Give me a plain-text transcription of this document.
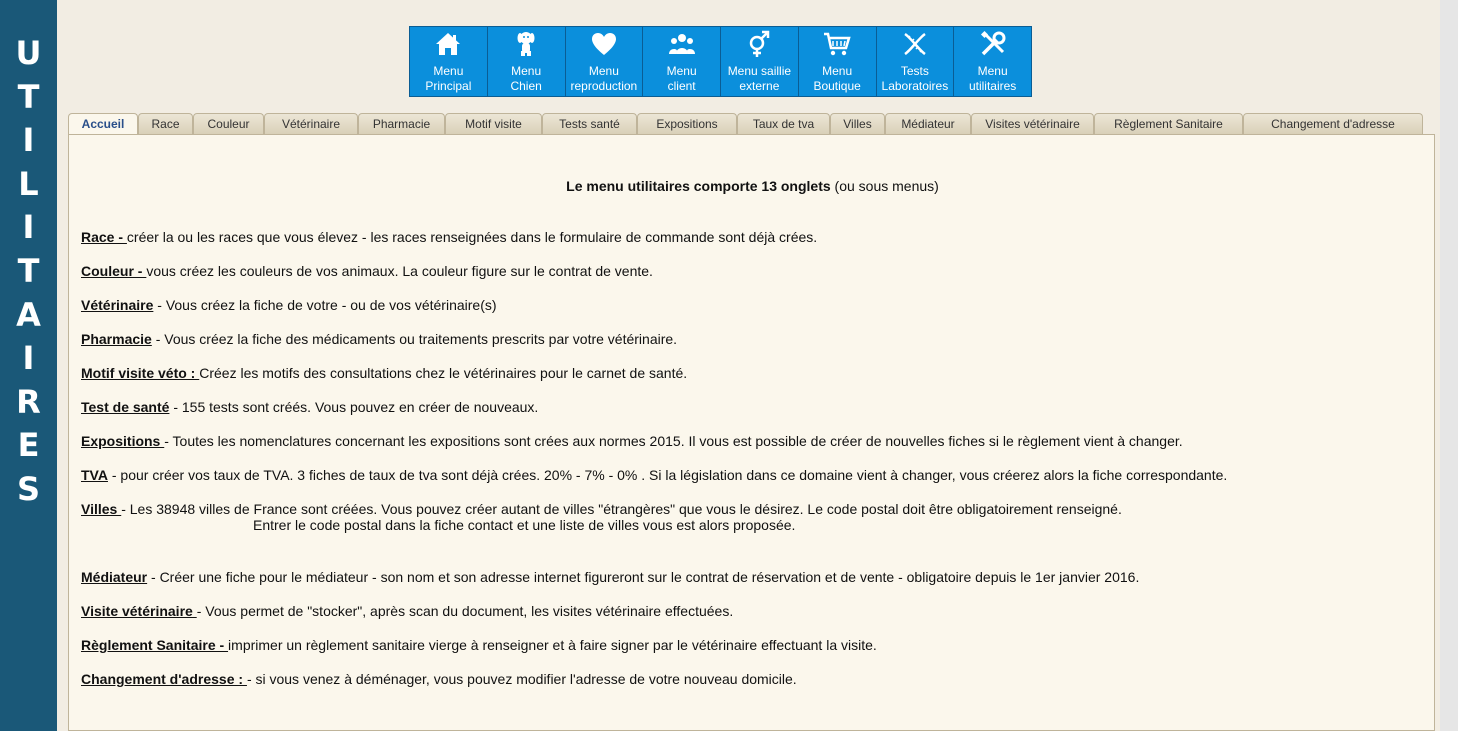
U
T
I
L
I
T
A
I
R
E
S
Menu
Principal
Menu
Chien
Menu
reproduction
Menu
client
Menu saillie
externe
Menu
Boutique
Tests
Laboratoires
Menu
utilitaires
Accueil	Race	Couleur	Vétérinaire	Pharmacie	Motif visite	Tests santé	Expositions	Taux de tva	Villes	Médiateur	Visites vétérinaire	Règlement Sanitaire	Changement d'adresse
Le menu utilitaires comporte 13 onglets (ou sous menus)
Race - créer la ou les races que vous élevez - les races renseignées dans le formulaire de commande sont déjà crées.
Couleur - vous créez les couleurs de vos animaux. La couleur figure sur le contrat de vente.
Vétérinaire - Vous créez la fiche de votre - ou de vos vétérinaire(s)
Pharmacie - Vous créez la fiche des médicaments ou traitements prescrits par votre vétérinaire.
Motif visite véto : Créez les motifs des consultations chez le vétérinaires pour le carnet de santé.
Test de santé - 155 tests sont créés. Vous pouvez en créer de nouveaux.
Expositions - Toutes les nomenclatures concernant les expositions sont crées aux normes 2015. Il vous est possible de créer de nouvelles fiches si le règlement vient à changer.
TVA - pour créer vos taux de TVA. 3 fiches de taux de tva sont déjà crées. 20% - 7% - 0% . Si la législation dans ce domaine vient à changer, vous créerez alors la fiche correspondante.
Villes - Les 38948 villes de France sont créées. Vous pouvez créer autant de villes "étrangères" que vous le désirez. Le code postal doit être obligatoirement renseigné.
Entrer le code postal dans la fiche contact et une liste de villes vous est alors proposée.
Médiateur - Créer une fiche pour le médiateur - son nom et son adresse internet figureront sur le contrat de réservation et de vente - obligatoire depuis le 1er janvier 2016.
Visite vétérinaire - Vous permet de "stocker", après scan du document, les visites vétérinaire effectuées.
Règlement Sanitaire - imprimer un règlement sanitaire vierge à renseigner et à faire signer par le vétérinaire effectuant la visite.
Changement d'adresse : - si vous venez à déménager, vous pouvez modifier l'adresse de votre nouveau domicile.
